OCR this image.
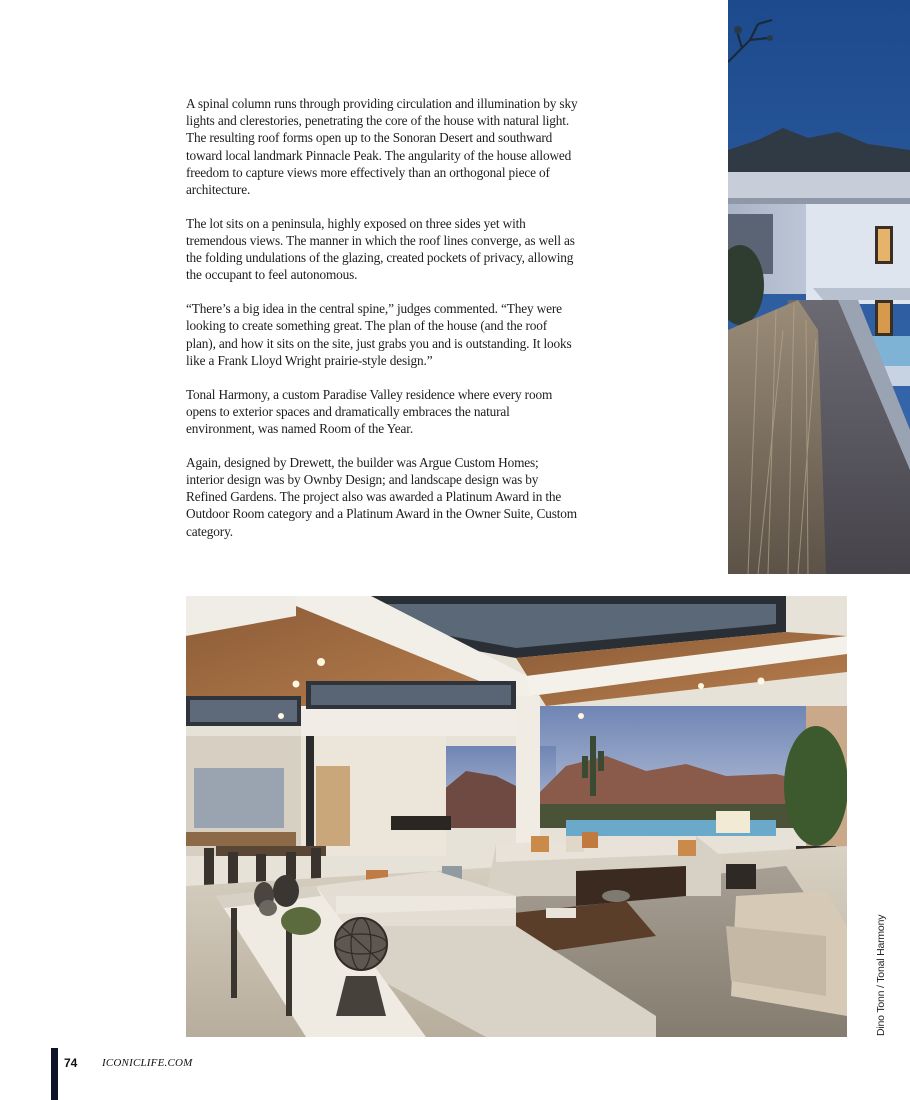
A spinal column runs through providing circulation and illumination by sky lights and clerestories, penetrating the core of the house with natural light. The resulting roof forms open up to the Sonoran Desert and southward toward local landmark Pinnacle Peak. The angularity of the house allowed freedom to capture views more effectively than an orthogonal piece of architecture.

The lot sits on a peninsula, highly exposed on three sides yet with tremendous views. The manner in which the roof lines converge, as well as the folding undulations of the glazing, created pockets of privacy, allowing the occupant to feel autonomous.

“There’s a big idea in the central spine,” judges commented. “They were looking to create something great. The plan of the house (and the roof plan), and how it sits on the site, just grabs you and is outstanding. It looks like a Frank Lloyd Wright prairie-style design.”

Tonal Harmony, a custom Paradise Valley residence where every room opens to exterior spaces and dramatically embraces the natural environment, was named Room of the Year.

Again, designed by Drewett, the builder was Argue Custom Homes; interior design was by Ownby Design; and landscape design was by Refined Gardens. The project also was awarded a Platinum Award in the Outdoor Room category and a Platinum Award in the Owner Suite, Custom category.

Dino Tonn / Tonal Harmony
74 ICONICLIFE.COM
